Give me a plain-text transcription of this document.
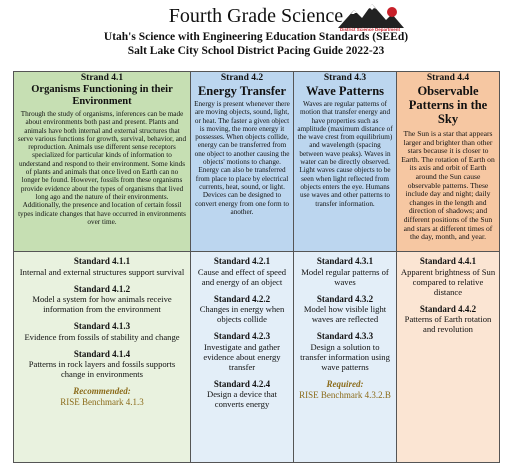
Fourth Grade Science
District Science Department
Utah's Science with Engineering Education Standards (SEEd)
Salt Lake City School District Pacing Guide 2022-23
Strand 4.1
Organisms Functioning in their Environment
Through the study of organisms, inferences can be made about environments both past and present. Plants and animals have both internal and external structures that serve various functions for growth, survival, behavior, and reproduction. Animals use different sense receptors specialized for particular kinds of information to understand and respond to their environment. Some kinds of plants and animals that once lived on Earth can no longer be found. However, fossils from these organisms provide evidence about the types of organisms that lived long ago and the nature of their environments. Additionally, the presence and location of certain fossil types indicate changes that have occurred in environments over time.
Standard 4.1.1
Internal and external structures support survival
Standard 4.1.2
Model a system for how animals receive information from the environment
Standard 4.1.3
Evidence from fossils of stability and change
Standard 4.1.4
Patterns in rock layers and fossils supports change in environments
Recommended:
RISE Benchmark 4.1.3
Strand 4.2
Energy Transfer
Energy is present whenever there are moving objects, sound, light, or heat. The faster a given object is moving, the more energy it possesses. When objects collide, energy can be transferred from one object to another causing the objects' motions to change. Energy can also be transferred from place to place by electrical currents, heat, sound, or light. Devices can be designed to convert energy from one form to another.
Standard 4.2.1
Cause and effect of speed and energy of an object
Standard 4.2.2
Changes in energy when objects collide
Standard 4.2.3
Investigate and gather evidence about energy transfer
Standard 4.2.4
Design a device that converts energy
Strand 4.3
Wave Patterns
Waves are regular patterns of motion that transfer energy and have properties such as amplitude (maximum distance of the wave crest from equilibrium) and wavelength (spacing between wave peaks). Waves in water can be directly observed. Light waves cause objects to be seen when light reflected from objects enters the eye. Humans use waves and other patterns to transfer information.
Standard 4.3.1
Model regular patterns of waves
Standard 4.3.2
Model how visible light waves are reflected
Standard 4.3.3
Design a solution to transfer information using wave patterns
Required:
RISE Benchmark 4.3.2.B
Strand 4.4
Observable Patterns in the Sky
The Sun is a star that appears larger and brighter than other stars because it is closer to Earth. The rotation of Earth on its axis and orbit of Earth around the Sun cause observable patterns. These include day and night; daily changes in the length and direction of shadows; and different positions of the Sun and stars at different times of the day, month, and year.
Standard 4.4.1
Apparent brightness of Sun compared to relative distance
Standard 4.4.2
Patterns of Earth rotation and revolution
